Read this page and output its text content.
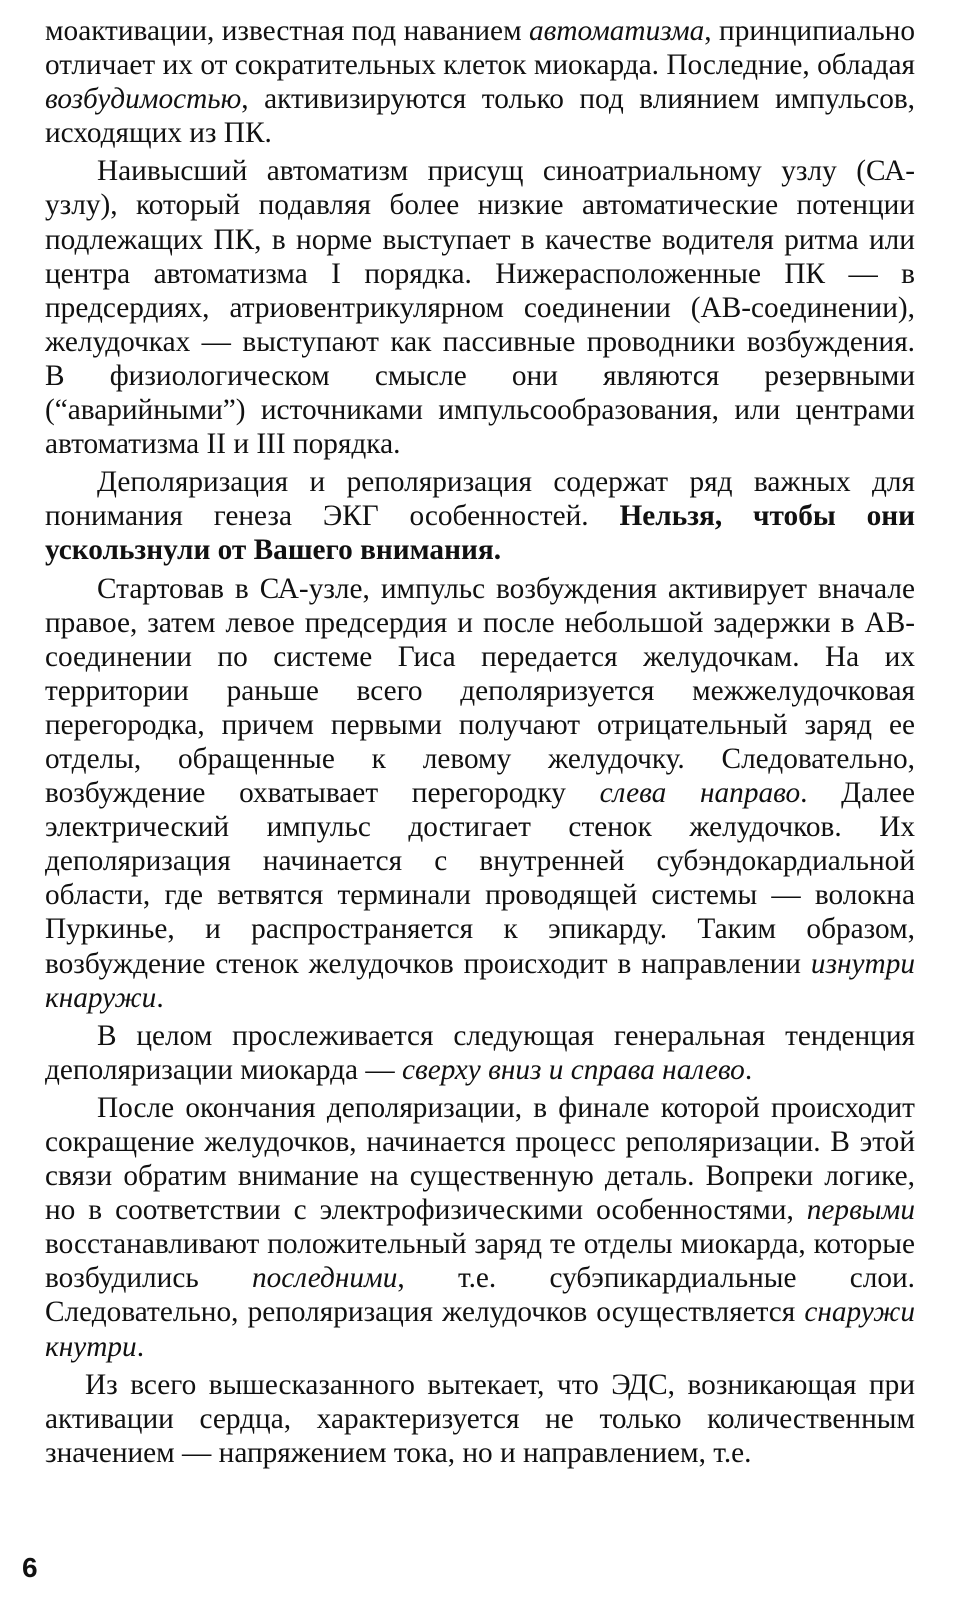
моактивации, известная под наванием автоматизма, принципиально отличает их от сократительных клеток миокарда. Последние, обладая возбудимостью, активизируются только под влиянием импульсов, исходящих из ПК.

Наивысший автоматизм присущ синоатриальному узлу (СА-узлу), который подавляя более низкие автоматические потенции подлежащих ПК, в норме выступает в качестве водителя ритма или центра автоматизма I порядка. Нижерасположенные ПК — в предсердиях, атриовентрикулярном соединении (АВ-соединении), желудочках — выступают как пассивные проводники возбуждения. В физиологическом смысле они являются резервными (“аварийными”) источниками импульсообразования, или центрами автоматизма II и III порядка.

Деполяризация и реполяризация содержат ряд важных для понимания генеза ЭКГ особенностей. Нельзя, чтобы они ускользнули от Вашего внимания.

Стартовав в СА-узле, импульс возбуждения активирует вначале правое, затем левое предсердия и после небольшой задержки в АВ-соединении по системе Гиса передается желудочкам. На их территории раньше всего деполяризуется межжелудочковая перегородка, причем первыми получают отрицательный заряд ее отделы, обращенные к левому желудочку. Следовательно, возбуждение охватывает перегородку слева направо. Далее электрический импульс достигает стенок желудочков. Их деполяризация начинается с внутренней субэндокардиальной области, где ветвятся терминали проводящей системы — волокна Пуркинье, и распространяется к эпикарду. Таким образом, возбуждение стенок желудочков происходит в направлении изнутри кнаружи.

В целом прослеживается следующая генеральная тенденция деполяризации миокарда — сверху вниз и справа налево.

После окончания деполяризации, в финале которой происходит сокращение желудочков, начинается процесс реполяризации. В этой связи обратим внимание на существенную деталь. Вопреки логике, но в соответствии с электрофизическими особенностями, первыми восстанавливают положительный заряд те отделы миокарда, которые возбудились последними, т.е. субэпикардиальные слои. Следовательно, реполяризация желудочков осуществляется снаружи кнутри.

Из всего вышесказанного вытекает, что ЭДС, возникающая при активации сердца, характеризуется не только количественным значением — напряжением тока, но и направлением, т.е.

6
